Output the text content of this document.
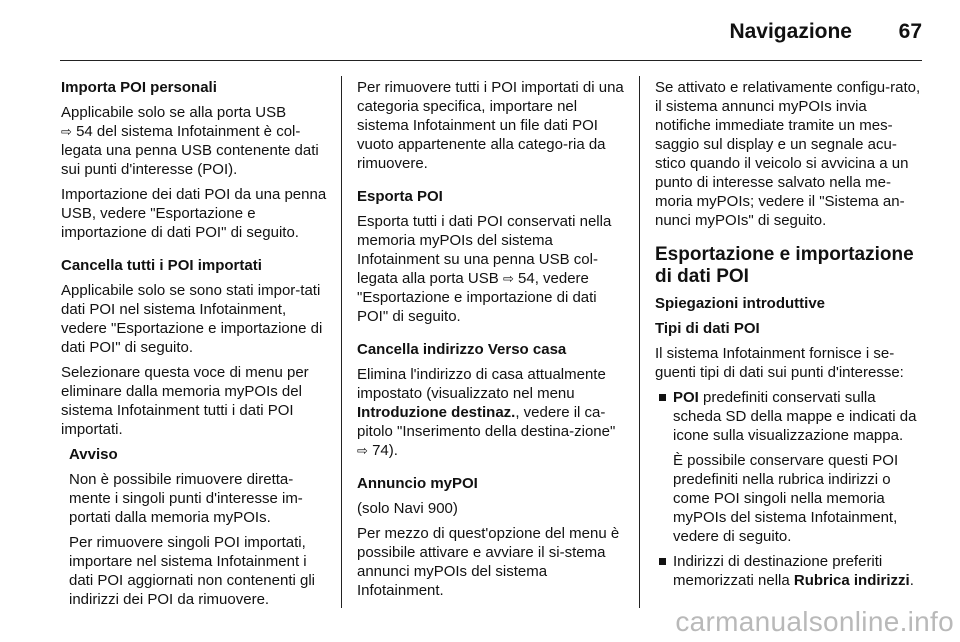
Navigazione 67

Importa POI personali

Applicabile solo se alla porta USB
⇨ 54 del sistema Infotainment è col-legata una penna USB contenente dati sui punti d'interesse (POI).

Importazione dei dati POI da una penna USB, vedere "Esportazione e importazione di dati POI" di seguito.

Cancella tutti i POI importati

Applicabile solo se sono stati impor-tati dati POI nel sistema Infotainment, vedere "Esportazione e importazione di dati POI" di seguito.

Selezionare questa voce di menu per eliminare dalla memoria myPOIs del sistema Infotainment tutti i dati POI importati.

Avviso

Non è possibile rimuovere diretta-mente i singoli punti d'interesse im-portati dalla memoria myPOIs.

Per rimuovere singoli POI importati, importare nel sistema Infotainment i dati POI aggiornati non contenenti gli indirizzi dei POI da rimuovere.

Per rimuovere tutti i POI importati di una categoria specifica, importare nel sistema Infotainment un file dati POI vuoto appartenente alla catego-ria da rimuovere.

Esporta POI

Esporta tutti i dati POI conservati nella memoria myPOIs del sistema Infotainment su una penna USB col-legata alla porta USB ⇨ 54, vedere "Esportazione e importazione di dati POI" di seguito.

Cancella indirizzo Verso casa

Elimina l'indirizzo di casa attualmente impostato (visualizzato nel menu Introduzione destinaz., vedere il ca-pitolo "Inserimento della destina-zione" ⇨ 74).

Annuncio myPOI

(solo Navi 900)

Per mezzo di quest'opzione del menu è possibile attivare e avviare il si-stema annunci myPOIs del sistema Infotainment.

Se attivato e relativamente configu-rato, il sistema annunci myPOIs invia notifiche immediate tramite un mes-saggio sul display e un segnale acu-stico quando il veicolo si avvicina a un punto di interesse salvato nella me-moria myPOIs; vedere il "Sistema an-nunci myPOIs" di seguito.

Esportazione e importazione di dati POI

Spiegazioni introduttive

Tipi di dati POI

Il sistema Infotainment fornisce i se-guenti tipi di dati sui punti d'interesse:

POI predefiniti conservati sulla scheda SD della mappe e indicati da icone sulla visualizzazione mappa.

È possibile conservare questi POI predefiniti nella rubrica indirizzi o come POI singoli nella memoria myPOIs del sistema Infotainment, vedere di seguito.

Indirizzi di destinazione preferiti memorizzati nella Rubrica indirizzi.

carmanualsonline.info
